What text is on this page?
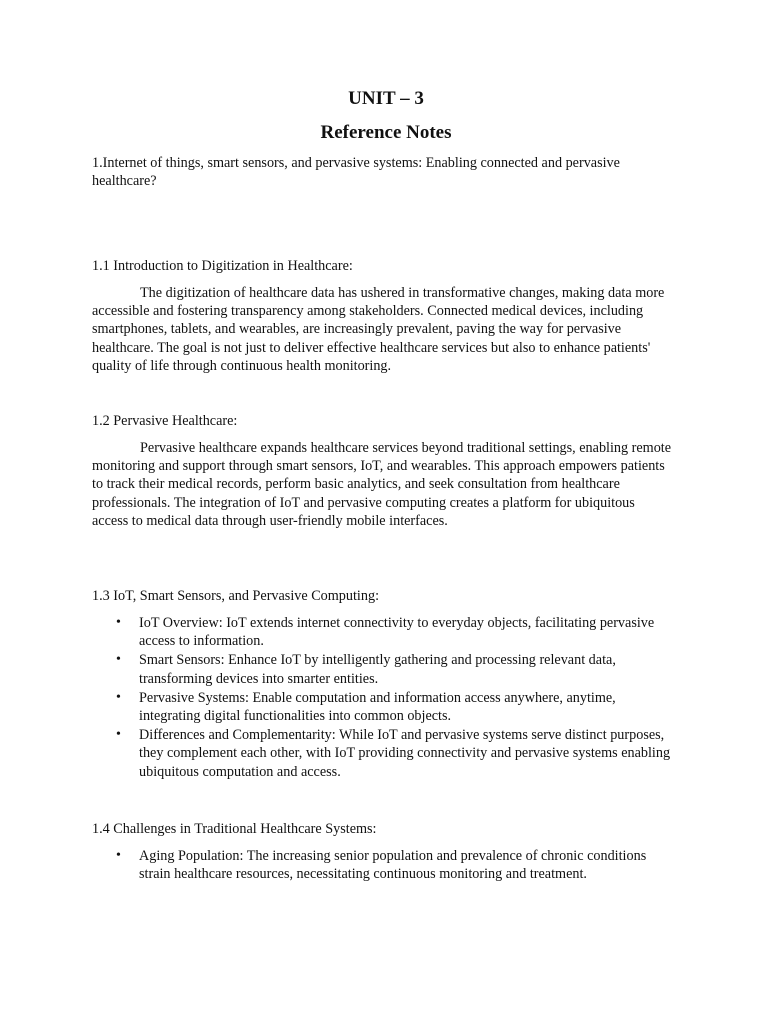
UNIT – 3
Reference Notes
1.Internet of things, smart sensors, and pervasive systems: Enabling connected and pervasive healthcare?
1.1 Introduction to Digitization in Healthcare:
The digitization of healthcare data has ushered in transformative changes, making data more accessible and fostering transparency among stakeholders. Connected medical devices, including smartphones, tablets, and wearables, are increasingly prevalent, paving the way for pervasive healthcare. The goal is not just to deliver effective healthcare services but also to enhance patients' quality of life through continuous health monitoring.
1.2 Pervasive Healthcare:
Pervasive healthcare expands healthcare services beyond traditional settings, enabling remote monitoring and support through smart sensors, IoT, and wearables. This approach empowers patients to track their medical records, perform basic analytics, and seek consultation from healthcare professionals. The integration of IoT and pervasive computing creates a platform for ubiquitous access to medical data through user-friendly mobile interfaces.
1.3 IoT, Smart Sensors, and Pervasive Computing:
• IoT Overview: IoT extends internet connectivity to everyday objects, facilitating pervasive access to information.
• Smart Sensors: Enhance IoT by intelligently gathering and processing relevant data, transforming devices into smarter entities.
• Pervasive Systems: Enable computation and information access anywhere, anytime, integrating digital functionalities into common objects.
• Differences and Complementarity: While IoT and pervasive systems serve distinct purposes, they complement each other, with IoT providing connectivity and pervasive systems enabling ubiquitous computation and access.
1.4 Challenges in Traditional Healthcare Systems:
• Aging Population: The increasing senior population and prevalence of chronic conditions strain healthcare resources, necessitating continuous monitoring and treatment.
